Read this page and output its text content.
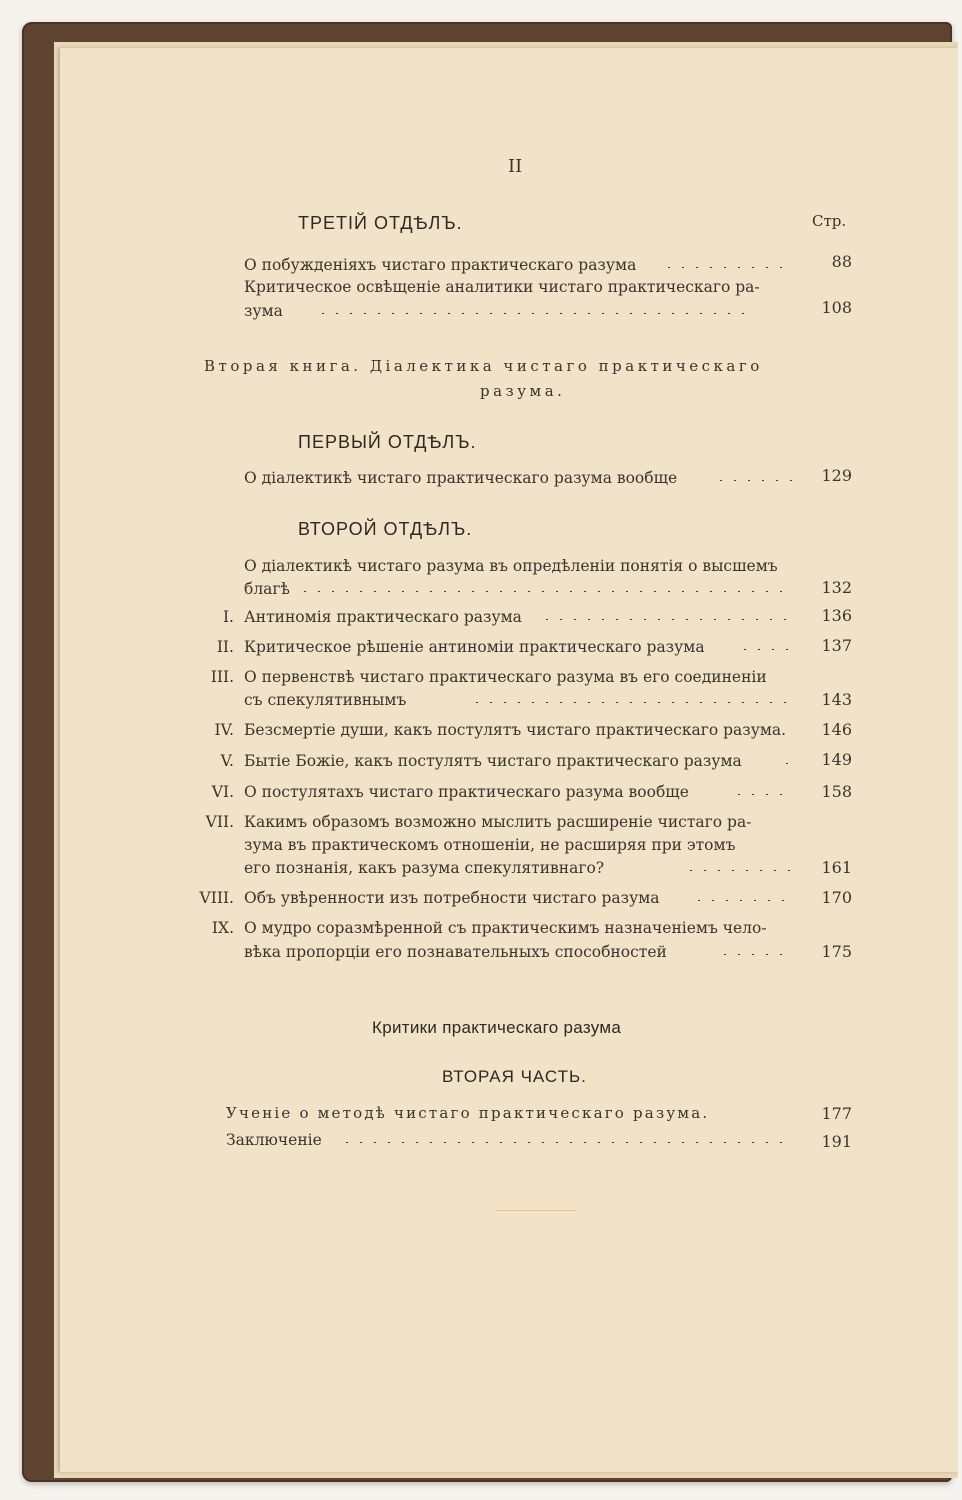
II
ТРЕТІЙ ОТДѢЛЪ.	Стр.
О побужденіяхъ чистаго практическаго разума	88
Критическое освѣщеніе аналитики чистаго практическаго ра-
зума	108
Вторая книга. Діалектика чистаго практическаго
разума.
ПЕРВЫЙ ОТДѢЛЪ.
О діалектикѣ чистаго практическаго разума вообще	129
ВТОРОЙ ОТДѢЛЪ.
О діалектикѣ чистаго разума въ опредѣленіи понятія о высшемъ
благѣ	132
I. Антиномія практическаго разума	136
II. Критическое рѣшеніе антиноміи практическаго разума	137
III. О первенствѣ чистаго практическаго разума въ его соединеніи
съ спекулятивнымъ	143
IV. Безсмертіе души, какъ постулятъ чистаго практическаго разума.	146
V. Бытіе Божіе, какъ постулятъ чистаго практическаго разума	149
VI. О постулятахъ чистаго практическаго разума вообще	158
VII. Какимъ образомъ возможно мыслить расширеніе чистаго ра-
зума въ практическомъ отношеніи, не расширяя при этомъ
его познанія, какъ разума спекулятивнаго?	161
VIII. Объ увѣренности изъ потребности чистаго разума	170
IX. О мудро соразмѣренной съ практическимъ назначеніемъ чело-
вѣка пропорціи его познавательныхъ способностей	175
Критики практическаго разума
ВТОРАЯ ЧАСТЬ.
Ученіе о методѣ чистаго практическаго разума.	177
Заключеніе	191
